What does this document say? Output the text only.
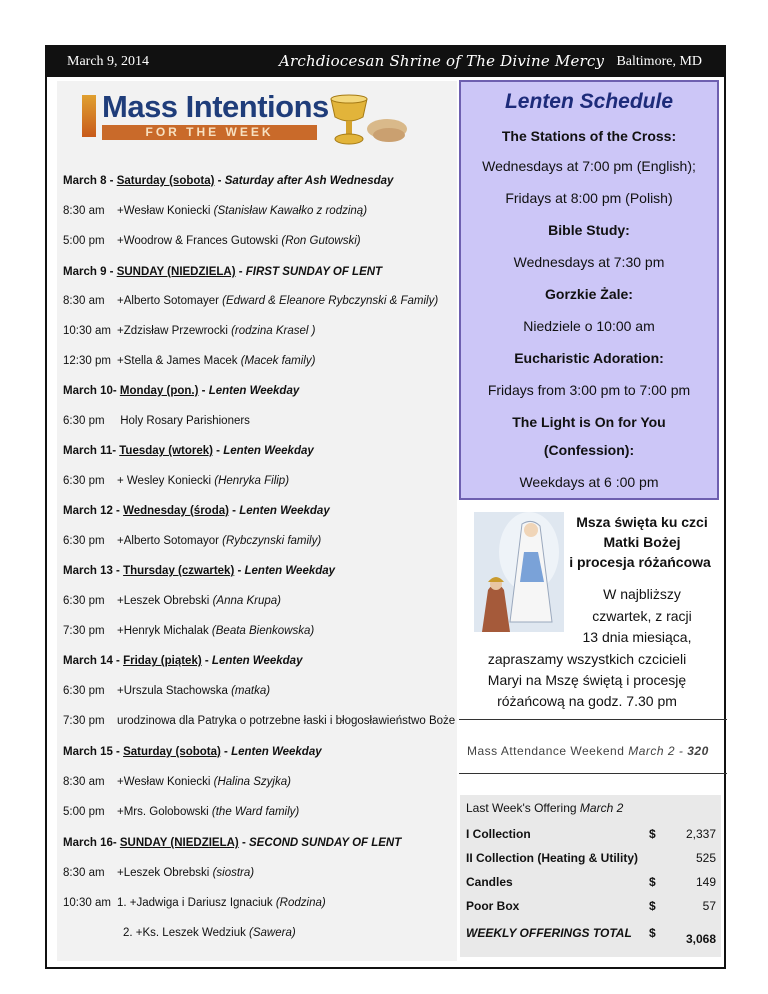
March 9, 2014	Archdiocesan Shrine of The Divine Mercy Baltimore, MD
Mass Intentions
FOR THE WEEK
March 8 - Saturday (sobota) - Saturday after Ash Wednesday
8:30 am +Wesław Koniecki (Stanisław Kawałko z rodziną)
5:00 pm +Woodrow & Frances Gutowski (Ron Gutowski)
March 9 - SUNDAY (NIEDZIELA) - FIRST SUNDAY OF LENT
8:30 am +Alberto Sotomayer (Edward & Eleanore Rybczynski & Family)
10:30 am +Zdzisław Przewrocki (rodzina Krasel )
12:30 pm +Stella & James Macek (Macek family)
March 10- Monday (pon.) - Lenten Weekday
6:30 pm Holy Rosary Parishioners
March 11- Tuesday (wtorek) - Lenten Weekday
6:30 pm + Wesley Koniecki (Henryka Filip)
March 12 - Wednesday (środa) - Lenten Weekday
6:30 pm +Alberto Sotomayor (Rybczynski family)
March 13 - Thursday (czwartek) - Lenten Weekday
6:30 pm +Leszek Obrebski (Anna Krupa)
7:30 pm +Henryk Michalak (Beata Bienkowska)
March 14 - Friday (piątek) - Lenten Weekday
6:30 pm +Urszula Stachowska (matka)
7:30 pm urodzinowa dla Patryka o potrzebne łaski i błogosławieństwo Boże
March 15 - Saturday (sobota) - Lenten Weekday
8:30 am +Wesław Koniecki (Halina Szyjka)
5:00 pm +Mrs. Golobowski (the Ward family)
March 16- SUNDAY (NIEDZIELA) - SECOND SUNDAY OF LENT
8:30 am +Leszek Obrebski (siostra)
10:30 am 1. +Jadwiga i Dariusz Ignaciuk (Rodzina)
2. +Ks. Leszek Wedziuk (Sawera)
Lenten Schedule
The Stations of the Cross:
Wednesdays at 7:00 pm (English);
Fridays at 8:00 pm (Polish)
Bible Study:
Wednesdays at 7:30 pm
Gorzkie Żale:
Niedziele o 10:00 am
Eucharistic Adoration:
Fridays from 3:00 pm to 7:00 pm
The Light is On for You
(Confession):
Weekdays at 6 :00 pm
Msza święta ku czci
Matki Bożej
i procesja różańcowa
W najbliższy
czwartek, z racji
13 dnia miesiąca,
zapraszamy wszystkich czcicieli
Maryi na Mszę świętą i procesję
różańcową na godz. 7.30 pm
Mass Attendance Weekend March 2 - 320
Last Week's Offering March 2
I Collection	$	2,337
II Collection (Heating & Utility)	525
Candles	$	149
Poor Box	$	57
WEEKLY OFFERINGS TOTAL $	3,068
